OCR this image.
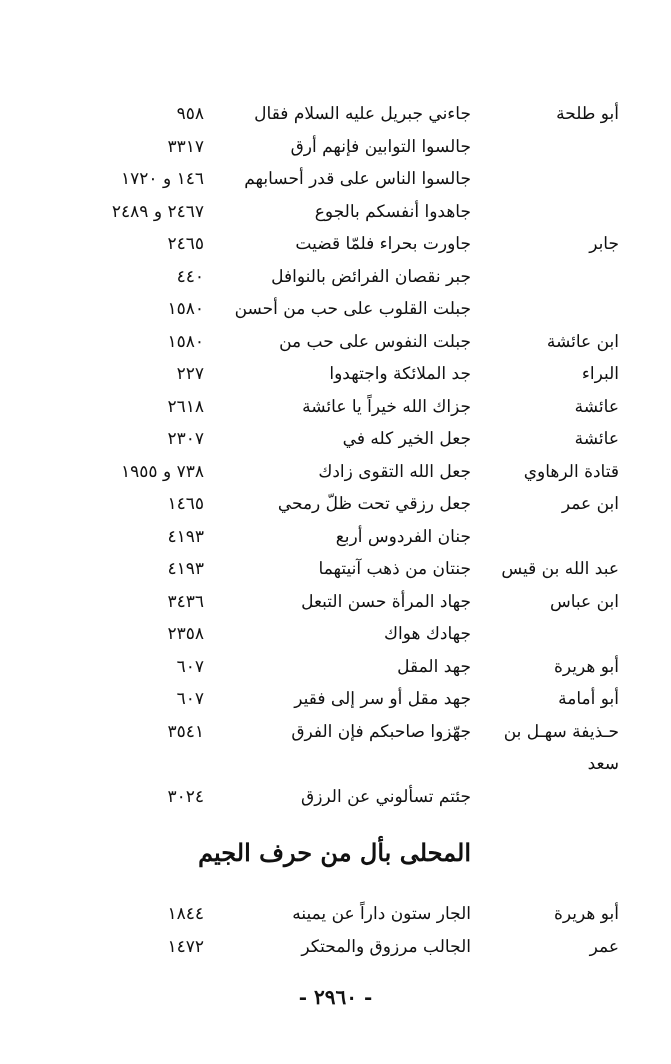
أبو طلحة
جاءني جبريل عليه السلام فقال
٩٥٨
جالسوا التوابين فإنهم أرق
٣٣١٧
جالسوا الناس على قدر أحسابهم
١٤٦ و ١٧٢٠
جاهدوا أنفسكم بالجوع
٢٤٦٧ و ٢٤٨٩
جابر
جاورت بحراء فلمّا قضيت
٢٤٦٥
جبر نقصان الفرائض بالنوافل
٤٤٠
جبلت القلوب على حب من أحسن
١٥٨٠
ابن عائشة
جبلت النفوس على حب من
١٥٨٠
البراء
جد الملائكة واجتهدوا
٢٢٧
عائشة
جزاك الله خيراً يا عائشة
٢٦١٨
عائشة
جعل الخير كله في
٢٣٠٧
قتادة الرهاوي
جعل الله التقوى زادك
٧٣٨ و ١٩٥٥
ابن عمر
جعل رزقي تحت ظلّ رمحي
١٤٦٥
جنان الفردوس أربع
٤١٩٣
عبد الله بن قيس
جنتان من ذهب آنيتهما
٤١٩٣
ابن عباس
جهاد المرأة حسن التبعل
٣٤٣٦
جهادك هواك
٢٣٥٨
أبو هريرة
جهد المقل
٦٠٧
أبو أمامة
جهد مقل أو سر إلى فقير
٦٠٧
حـذيفة سهـل بن
جهّزوا صاحبكم فإن الفرق
٣٥٤١
سعد
جئتم تسألوني عن الرزق
٣٠٢٤
المحلى بأل من حرف الجيم
أبو هريرة
الجار ستون داراً عن يمينه
١٨٤٤
عمر
الجالب مرزوق والمحتكر
١٤٧٢
- ٢٩٦٠ -
